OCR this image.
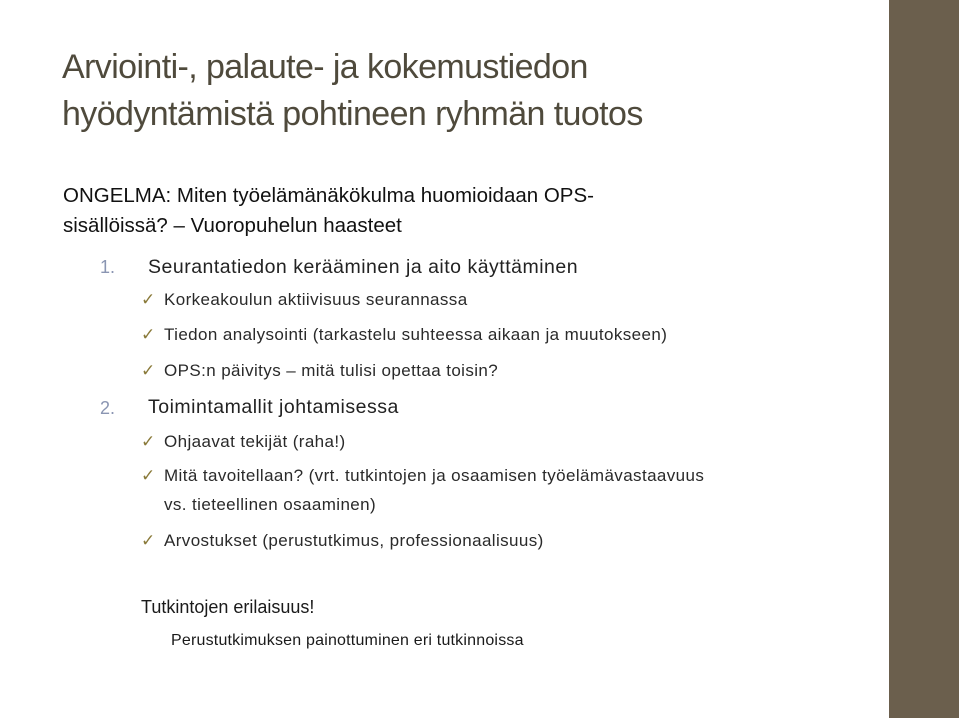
Arviointi-, palaute- ja kokemustiedon
hyödyntämistä pohtineen ryhmän tuotos
ONGELMA: Miten työelämänäkökulma huomioidaan OPS-
sisällöissä? – Vuoropuhelun haasteet
1. Seurantatiedon kerääminen ja aito käyttäminen
✓ Korkeakoulun aktiivisuus seurannassa
✓ Tiedon analysointi (tarkastelu suhteessa aikaan ja muutokseen)
✓ OPS:n päivitys – mitä tulisi opettaa toisin?
2. Toimintamallit johtamisessa
✓ Ohjaavat tekijät (raha!)
✓ Mitä tavoitellaan? (vrt. tutkintojen ja osaamisen työelämävastaavuus
vs. tieteellinen osaaminen)
✓ Arvostukset (perustutkimus, professionaalisuus)
Tutkintojen erilaisuus!
Perustutkimuksen painottuminen eri tutkinnoissa
